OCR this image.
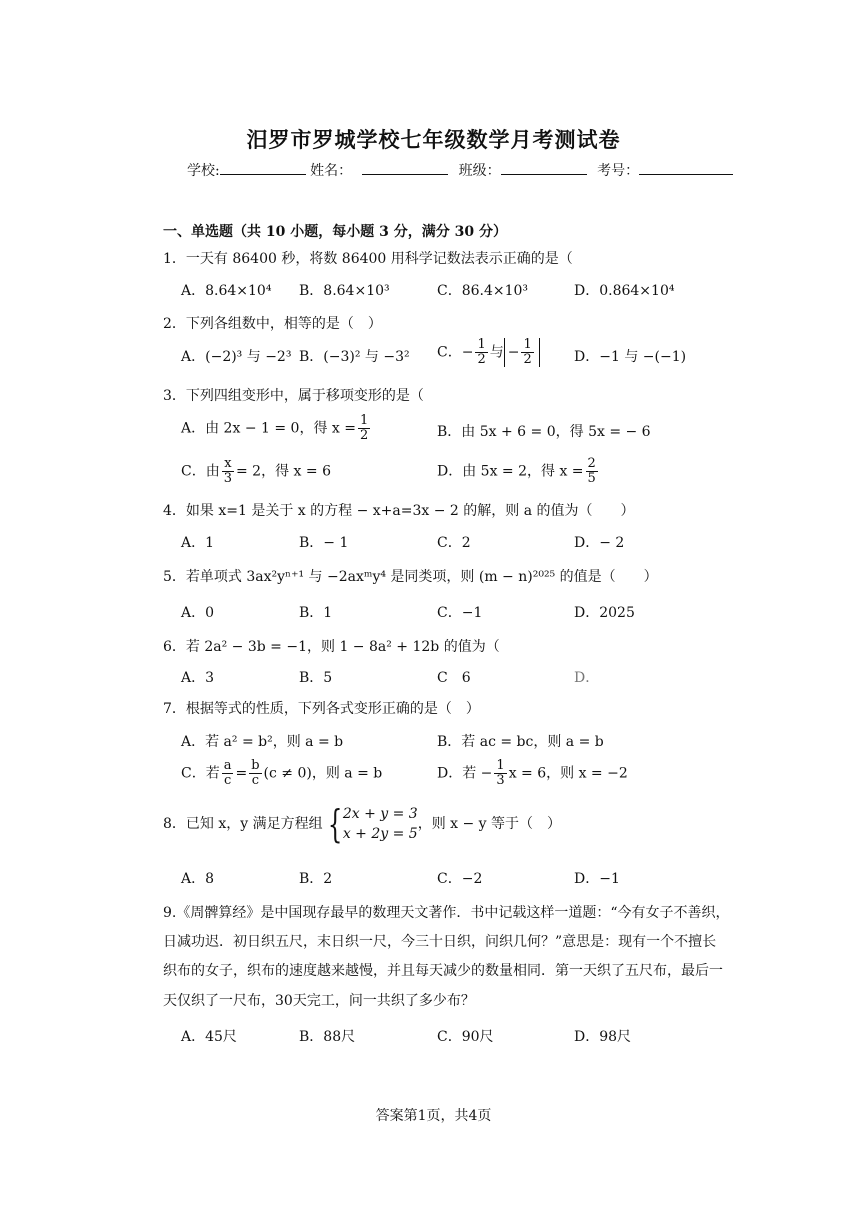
汨罗市罗城学校七年级数学月考测试卷
学校:	姓名：	班级：	考号：
一、单选题（共 10 小题，每小题 3 分，满分 30 分）
1．一天有 86400 秒，将数 86400 用科学记数法表示正确的是（
A．8.64×10⁴ B．8.64×10³	C．86.4×10³	D．0.864×10⁴
2．下列各组数中，相等的是（　）
A．(−2)³ 与 −2³ B．(−3)² 与 −3² C．− $\frac{1}{2}$ 与 − $\frac{1}{2}$	D．−1 与 −(−1)
3．下列四组变形中，属于移项变形的是（
A．由 2x − 1 = 0，得 $x = \frac{1}{2}$	B．由 5x + 6 = 0，得 5x = − 6
C．由 $\frac{x}{3} = 2$，得 x = 6	D．由 5x = 2，得 $x = \frac{2}{5}$
4．如果 x=1 是关于 x 的方程 − x+a=3x − 2 的解，则 a 的值为（　　）
A．1	B．− 1	C．2	D．− 2
5．若单项式 3ax²yⁿ⁺¹ 与 −2axᵐy⁴ 是同类项，则 (m − n)²⁰²⁵ 的值是（　　）
A．0	B．1	C．−1	D．2025
6．若 2a² − 3b = −1，则 1 − 8a² + 12b 的值为（
A．3	B．5	C　6	D．
7．根据等式的性质，下列各式变形正确的是（　）
A．若 a² = b²，则 a = b	B．若 ac = bc，则 a = b
C．若 $\frac{a}{c} = \frac{b}{c} (c \ne 0)$，则 a = b	D．若 − $\frac{1}{3}$ x = 6，则 x = −2
8．已知 x，y 满足方程组 { 2x + y = 3
x + 2y = 5
，则 x − y 等于（　）
A．8	B．2	C．−2	D．−1
9.《周髀算经》是中国现存最早的数理天文著作．书中记载这样一道题：“今有女子不善织，
日减功迟．初日织五尺，末日织一尺，今三十日织，问织几何？”意思是：现有一个不擅长
织布的女子，织布的速度越来越慢，并且每天减少的数量相同．第一天织了五尺布，最后一
天仅织了一尺布，30天完工，问一共织了多少布？
A．45尺	B．88尺	C．90尺	D．98尺
答案第1页，共4页
